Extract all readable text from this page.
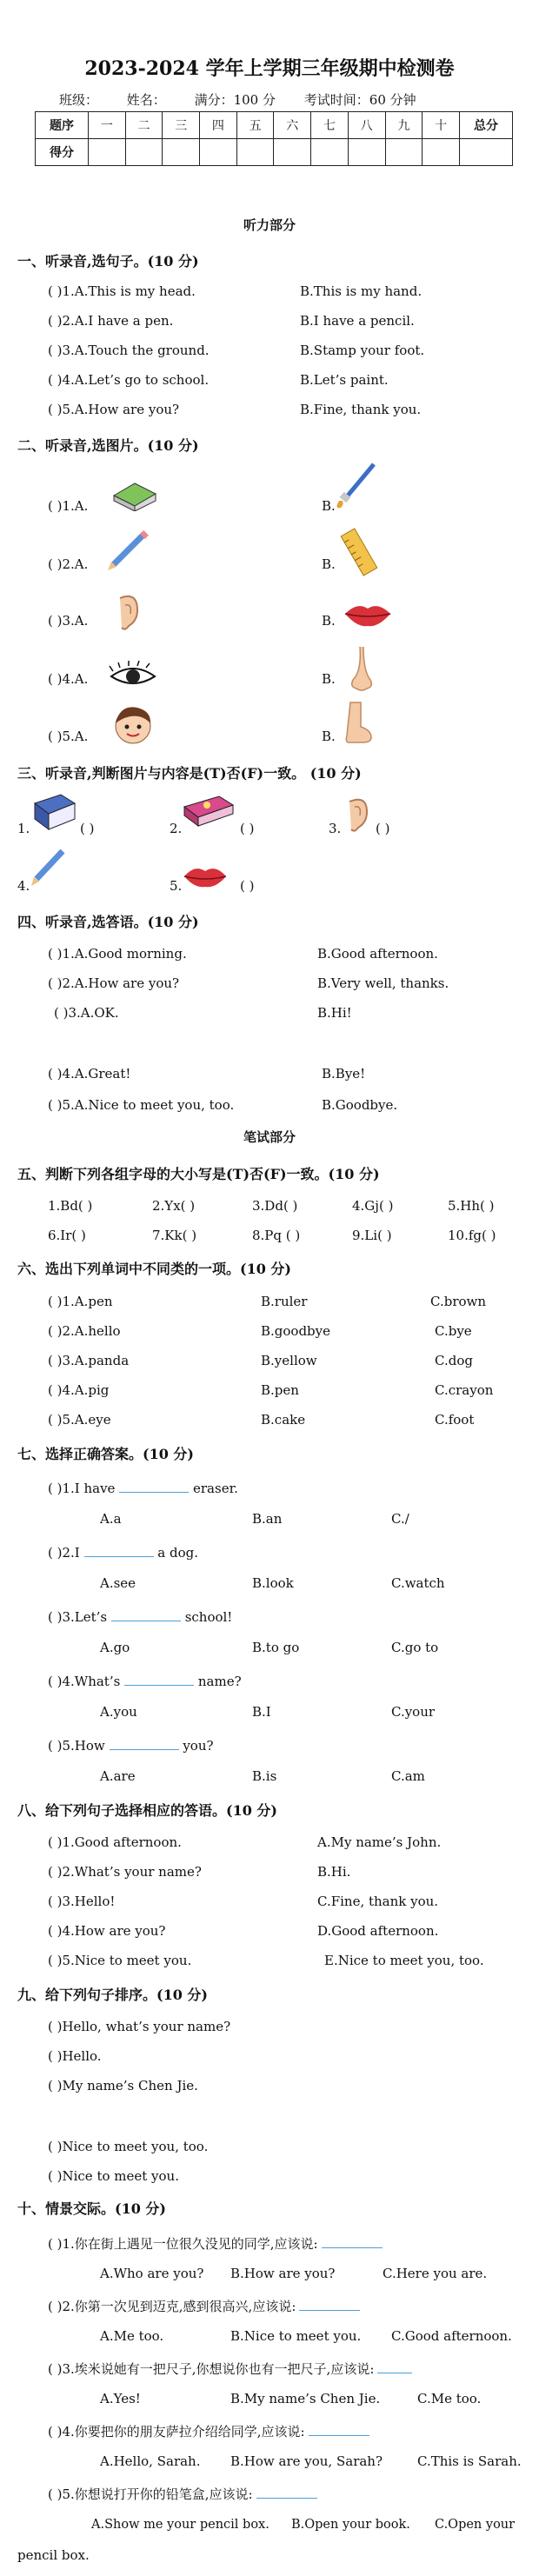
2023-2024 学年上学期三年级期中检测卷
班级： 姓名： 满分：100 分 考试时间：60 分钟
题序	一	二	三	四	五	六	七	八	九	十	总分
得分											
听力部分
一、听录音,选句子。(10 分)
( )1.A.This is my head.	B.This is my hand.
( )2.A.I have a pen.	B.I have a pencil.
( )3.A.Touch the ground.	B.Stamp your foot.
( )4.A.Let’s go to school.	B.Let’s paint.
( )5.A.How are you?	B.Fine, thank you.
二、听录音,选图片。(10 分)
( )1.A.	B.
( )2.A.	B.
( )3.A.	B.
( )4.A.	B.
( )5.A.	B.
三、听录音,判断图片与内容是(T)否(F)一致。 (10 分)
1.	( )	2.	( )	3.	( )
4.	5.	( )
四、听录音,选答语。(10 分)
( )1.A.Good morning.	B.Good afternoon.
( )2.A.How are you?	B.Very well, thanks.
( )3.A.OK.	B.Hi!
( )4.A.Great!	B.Bye!
( )5.A.Nice to meet you, too.	B.Goodbye.
笔试部分
五、判断下列各组字母的大小写是(T)否(F)一致。(10 分)
1.Bd( )	2.Yx( )	3.Dd( )	4.Gj( )	5.Hh( )
6.Ir( )	7.Kk( )	8.Pq ( )	9.Li( )	10.fg( )
六、选出下列单词中不同类的一项。(10 分)
( )1.A.pen	B.ruler	C.brown
( )2.A.hello	B.goodbye	C.bye
( )3.A.panda	B.yellow	C.dog
( )4.A.pig	B.pen	C.crayon
( )5.A.eye	B.cake	C.foot
七、选择正确答案。(10 分)
( )1.I have	eraser.
A.a	B.an	C./
( )2.I	a dog.
A.see	B.look	C.watch
( )3.Let’s	school!
A.go	B.to go	C.go to
( )4.What’s	name?
A.you	B.I	C.your
( )5.How	you?
A.are	B.is	C.am
八、给下列句子选择相应的答语。(10 分)
( )1.Good afternoon.	A.My name’s John.
( )2.What’s your name?	B.Hi.
( )3.Hello!	C.Fine, thank you.
( )4.How are you?	D.Good afternoon.
( )5.Nice to meet you.	E.Nice to meet you, too.
九、给下列句子排序。(10 分)
( )Hello, what’s your name?
( )Hello.
( )My name’s Chen Jie.
( )Nice to meet you, too.
( )Nice to meet you.
十、情景交际。(10 分)
( )1.你在街上遇见一位很久没见的同学,应该说:
A.Who are you? B.How are you?	C.Here you are.
( )2.你第一次见到迈克,感到很高兴,应该说:
A.Me too.	B.Nice to meet you. C.Good afternoon.
( )3.埃米说她有一把尺子,你想说你也有一把尺子,应该说:
A.Yes!	B.My name’s Chen Jie.	C.Me too.
( )4.你要把你的朋友萨拉介绍给同学,应该说:
A.Hello, Sarah. B.How are you, Sarah?	C.This is Sarah.
( )5.你想说打开你的铅笔盒,应该说:
A.Show me your pencil box. B.Open your book. C.Open your
pencil box.
